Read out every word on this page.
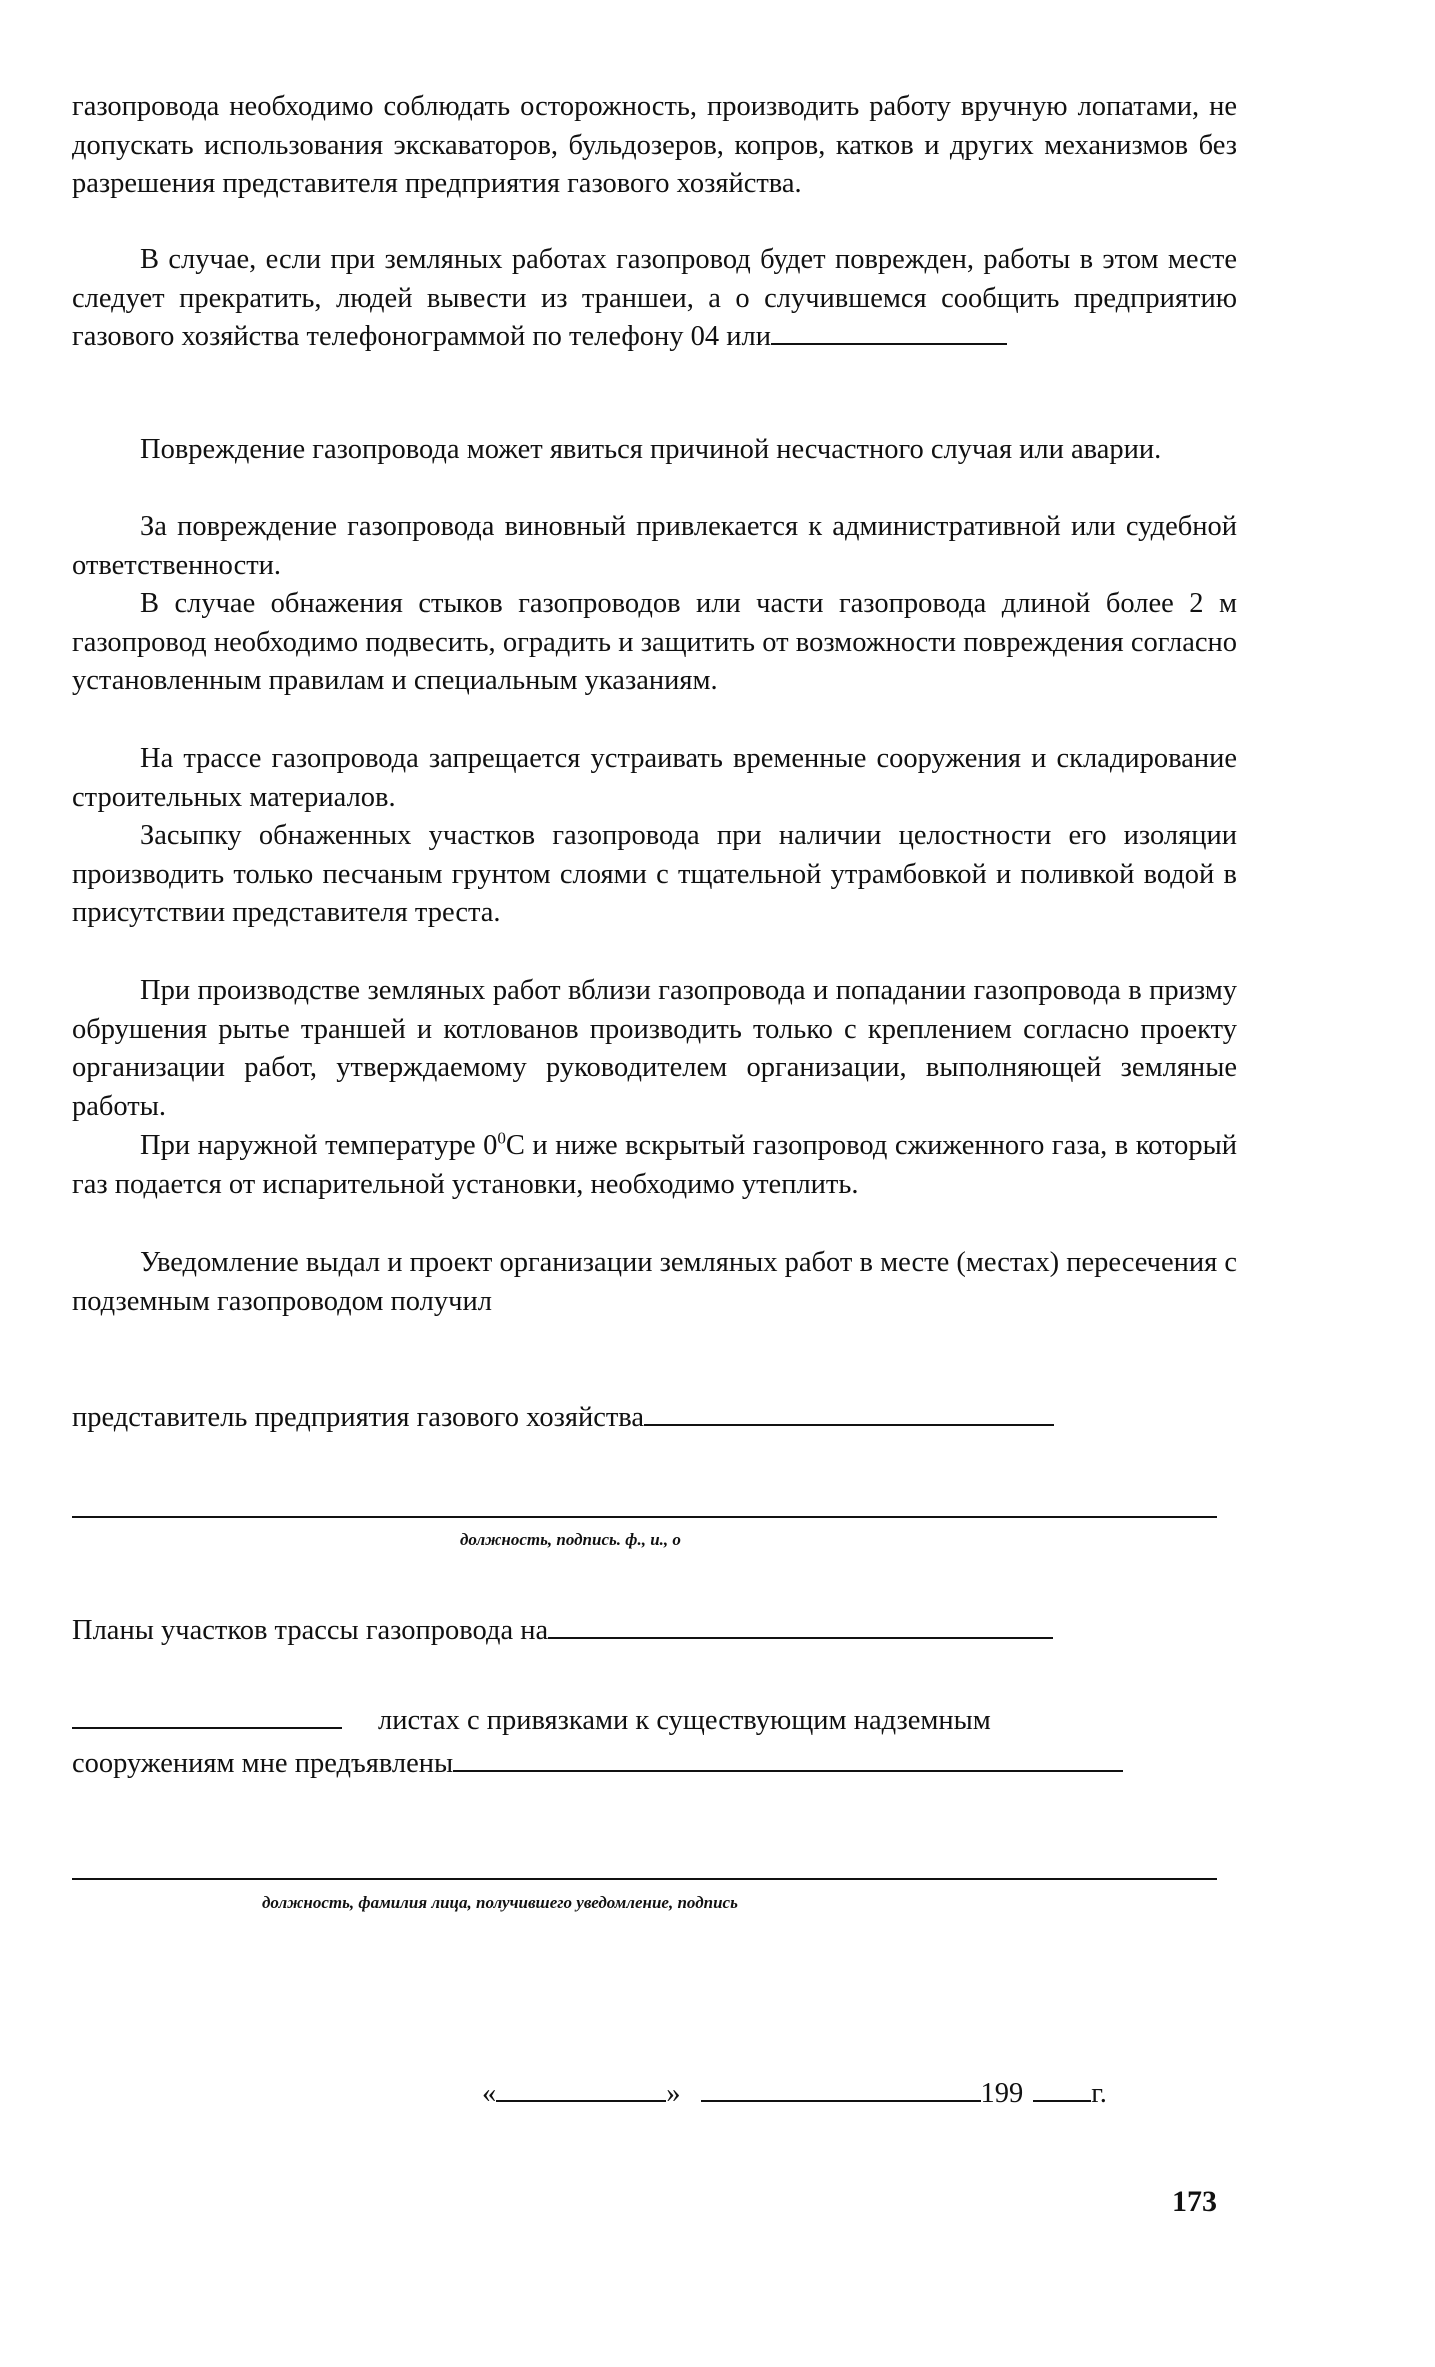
газопровода необходимо соблюдать осторожность, производить работу вручную лопатами, не допускать использования экскаваторов, бульдозеров, копров, катков и других механизмов без разрешения представителя предприятия газового хозяйства.

В случае, если при земляных работах газопровод будет поврежден, работы в этом месте следует прекратить, людей вывести из траншеи, а о случившемся сообщить предприятию газового хозяйства телефонограммой по телефону 04 или

Повреждение газопровода может явиться причиной несчастного случая или аварии.

За повреждение газопровода виновный привлекается к административной или судебной ответственности.

В случае обнажения стыков газопроводов или части газопровода длиной более 2 м газопровод необходимо подвесить, оградить и защитить от возможности повреждения согласно установленным правилам и специальным указаниям.

На трассе газопровода запрещается устраивать временные сооружения и складирование строительных материалов.

Засыпку обнаженных участков газопровода при наличии целостности его изоляции производить только песчаным грунтом слоями с тщательной утрамбовкой и поливкой водой в присутствии представителя треста.

При производстве земляных работ вблизи газопровода и попадании газопровода в призму обрушения рытье траншей и котлованов производить только с креплением согласно проекту организации работ, утверждаемому руководителем организации, выполняющей земляные работы.

При наружной температуре $0^0С$ и ниже вскрытый газопровод сжиженного газа, в который газ подается от испарительной установки, необходимо утеплить.

Уведомление выдал и проект организации земляных работ в месте (местах) пересечения с подземным газопроводом получил

представитель предприятия газового хозяйства
должность, подпись. ф., и., о
Планы участков трассы газопровода на
листах с привязками к существующим надземным
сооружениям мне предъявлены
должность, фамилия лица, получившего уведомление, подпись
«	»	199 г.
173
